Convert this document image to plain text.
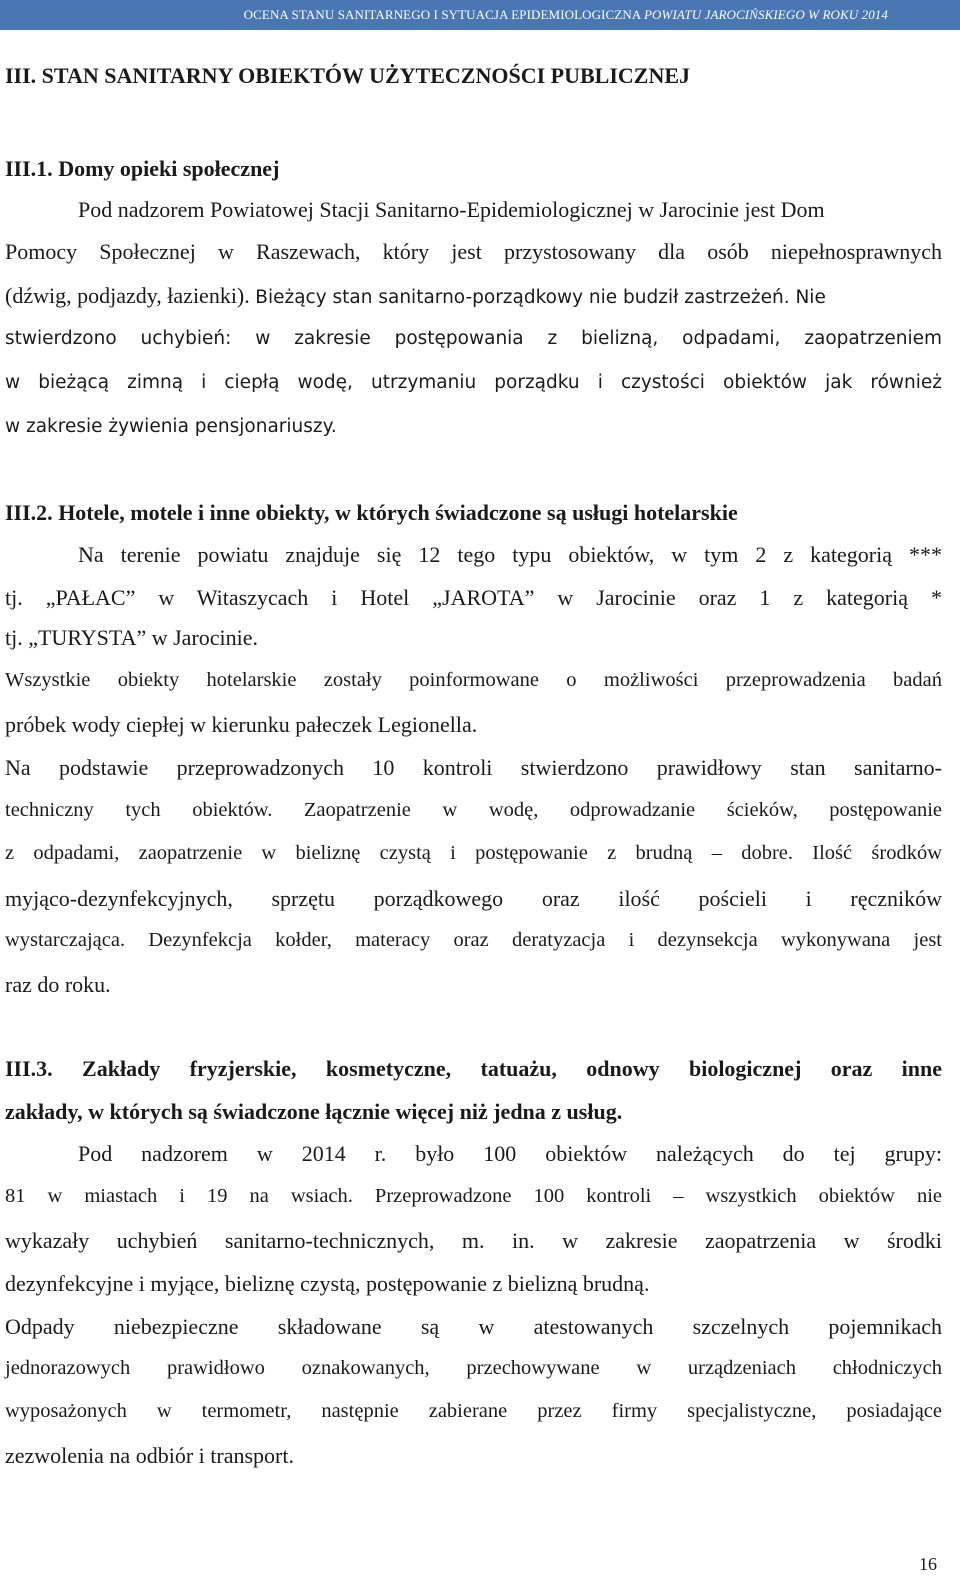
OCENA STANU SANITARNEGO I SYTUACJA EPIDEMIOLOGICZNA POWIATU JAROCIŃSKIEGO W ROKU 2014
III. STAN SANITARNY OBIEKTÓW UŻYTECZNOŚCI PUBLICZNEJ
III.1. Domy opieki społecznej
Pod nadzorem Powiatowej Stacji Sanitarno-Epidemiologicznej w Jarocinie jest Dom
Pomocy Społecznej w Raszewach, który jest przystosowany dla osób niepełnosprawnych
(dźwig, podjazdy, łazienki). Bieżący stan sanitarno-porządkowy nie budził zastrzeżeń. Nie
stwierdzono uchybień: w zakresie postępowania z bielizną, odpadami, zaopatrzeniem
w bieżącą zimną i ciepłą wodę, utrzymaniu porządku i czystości obiektów jak również
w zakresie żywienia pensjonariuszy.
III.2. Hotele, motele i inne obiekty, w których świadczone są usługi hotelarskie
Na terenie powiatu znajduje się 12 tego typu obiektów, w tym 2 z kategorią ***
tj. „PAŁAC” w Witaszycach i Hotel „JAROTA” w Jarocinie oraz 1 z kategorią *
tj. „TURYSTA” w Jarocinie.
Wszystkie obiekty hotelarskie zostały poinformowane o możliwości przeprowadzenia badań
próbek wody ciepłej w kierunku pałeczek Legionella.
Na podstawie przeprowadzonych 10 kontroli stwierdzono prawidłowy stan sanitarno-
techniczny tych obiektów. Zaopatrzenie w wodę, odprowadzanie ścieków, postępowanie
z odpadami, zaopatrzenie w bieliznę czystą i postępowanie z brudną – dobre. Ilość środków
myjąco-dezynfekcyjnych, sprzętu porządkowego oraz ilość pościeli i ręczników
wystarczająca. Dezynfekcja kołder, materacy oraz deratyzacja i dezynsekcja wykonywana jest
raz do roku.
III.3. Zakłady fryzjerskie, kosmetyczne, tatuażu, odnowy biologicznej oraz inne
zakłady, w których są świadczone łącznie więcej niż jedna z usług.
Pod nadzorem w 2014 r. było 100 obiektów należących do tej grupy:
81 w miastach i 19 na wsiach. Przeprowadzone 100 kontroli – wszystkich obiektów nie
wykazały uchybień sanitarno-technicznych, m. in. w zakresie zaopatrzenia w środki
dezynfekcyjne i myjące, bieliznę czystą, postępowanie z bielizną brudną.
Odpady niebezpieczne składowane są w atestowanych szczelnych pojemnikach
jednorazowych prawidłowo oznakowanych, przechowywane w urządzeniach chłodniczych
wyposażonych w termometr, następnie zabierane przez firmy specjalistyczne, posiadające
zezwolenia na odbiór i transport.
16
